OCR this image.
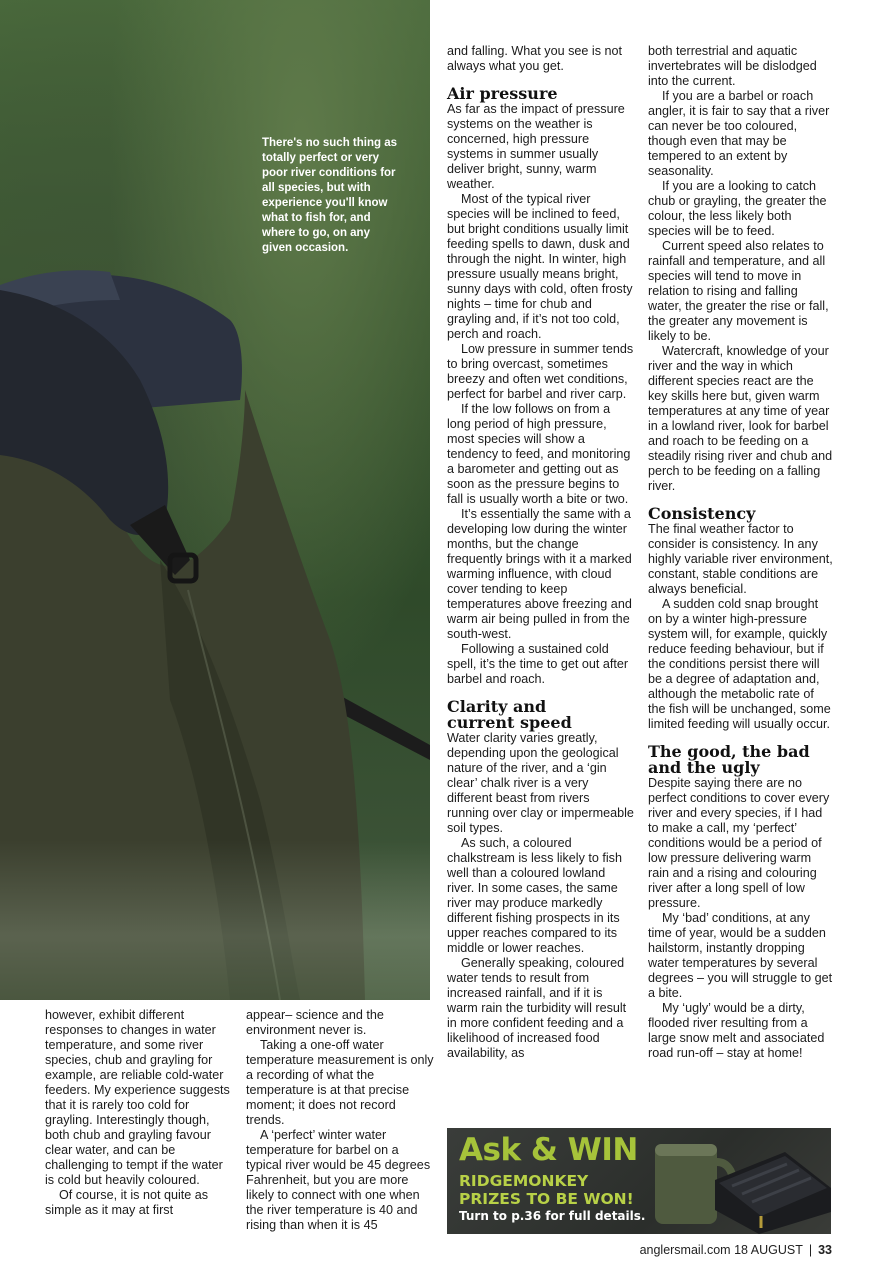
There's no such thing as totally perfect or very poor river conditions for all species, but with experience you'll know what to fish for, and where to go, on any given occasion.

however, exhibit different responses to changes in water temperature, and some river species, chub and grayling for example, are reliable cold-water feeders. My experience suggests that it is rarely too cold for grayling. Interestingly though, both chub and grayling favour clear water, and can be challenging to tempt if the water is cold but heavily coloured.

Of course, it is not quite as simple as it may at first

appear– science and the environment never is.

Taking a one-off water temperature measurement is only a recording of what the temperature is at that precise moment; it does not record trends.

A ‘perfect’ winter water temperature for barbel on a typical river would be 45 degrees Fahrenheit, but you are more likely to connect with one when the river temperature is 40 and rising than when it is 45

and falling. What you see is not always what you get.

Air pressure

As far as the impact of pressure systems on the weather is concerned, high pressure systems in summer usually deliver bright, sunny, warm weather.

Most of the typical river species will be inclined to feed, but bright conditions usually limit feeding spells to dawn, dusk and through the night. In winter, high pressure usually means bright, sunny days with cold, often frosty nights – time for chub and grayling and, if it’s not too cold, perch and roach.

Low pressure in summer tends to bring overcast, sometimes breezy and often wet conditions, perfect for barbel and river carp.

If the low follows on from a long period of high pressure, most species will show a tendency to feed, and monitoring a barometer and getting out as soon as the pressure begins to fall is usually worth a bite or two.

It’s essentially the same with a developing low during the winter months, but the change frequently brings with it a marked warming influence, with cloud cover tending to keep temperatures above freezing and warm air being pulled in from the south-west.

Following a sustained cold spell, it’s the time to get out after barbel and roach.

Clarity and
current speed

Water clarity varies greatly, depending upon the geological nature of the river, and a ‘gin clear’ chalk river is a very different beast from rivers running over clay or impermeable soil types.

As such, a coloured chalkstream is less likely to fish well than a coloured lowland river. In some cases, the same river may produce markedly different fishing prospects in its upper reaches compared to its middle or lower reaches.

Generally speaking, coloured water tends to result from increased rainfall, and if it is warm rain the turbidity will result in more confident feeding and a likelihood of increased food availability, as

both terrestrial and aquatic invertebrates will be dislodged into the current.

If you are a barbel or roach angler, it is fair to say that a river can never be too coloured, though even that may be tempered to an extent by seasonality.

If you are a looking to catch chub or grayling, the greater the colour, the less likely both species will be to feed.

Current speed also relates to rainfall and temperature, and all species will tend to move in relation to rising and falling water, the greater the rise or fall, the greater any movement is likely to be.

Watercraft, knowledge of your river and the way in which different species react are the key skills here but, given warm temperatures at any time of year in a lowland river, look for barbel and roach to be feeding on a steadily rising river and chub and perch to be feeding on a falling river.

Consistency

The final weather factor to consider is consistency. In any highly variable river environment, constant, stable conditions are always beneficial.

A sudden cold snap brought on by a winter high-pressure system will, for example, quickly reduce feeding behaviour, but if the conditions persist there will be a degree of adaptation and, although the metabolic rate of the fish will be unchanged, some limited feeding will usually occur.

The good, the bad
and the ugly

Despite saying there are no perfect conditions to cover every river and every species, if I had to make a call, my ‘perfect’ conditions would be a period of low pressure delivering warm rain and a rising and colouring river after a long spell of low pressure.

My ‘bad’ conditions, at any time of year, would be a sudden hailstorm, instantly dropping water temperatures by several degrees – you will struggle to get a bite.

My ‘ugly’ would be a dirty, flooded river resulting from a large snow melt and associated road run-off – stay at home!

Ask & WIN
RIDGEMONKEY
PRIZES TO BE WON!
Turn to p.36 for full details.
anglersmail.com 18 AUGUST | 33
